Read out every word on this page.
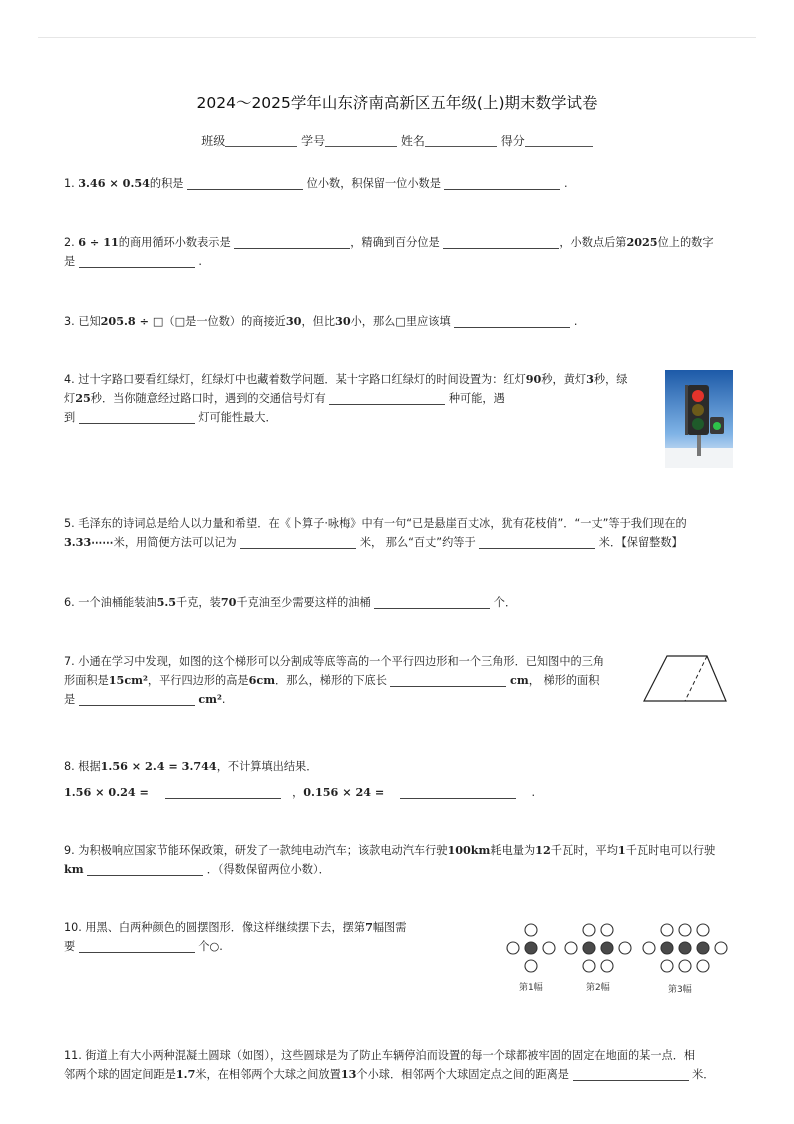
2024～2025学年山东济南高新区五年级(上)期末数学试卷
班级	学号	姓名	得分
1. 3.46 × 0.54的积是	位小数，积保留一位小数是	.
2. 6 ÷ 11的商用循环小数表示是	，精确到百分位是	，小数点后第2025位上的数字
是	.
3. 已知205.8 ÷ □（□是一位数）的商接近30，但比30小，那么□里应该填	.
4. 过十字路口要看红绿灯，红绿灯中也藏着数学问题．某十字路口红绿灯的时间设置为：红灯90秒，黄灯3秒，绿
灯25秒．当你随意经过路口时，遇到的交通信号灯有	种可能，遇
到	灯可能性最大．
5. 毛泽东的诗词总是给人以力量和希望．在《卜算子·咏梅》中有一句“已是悬崖百丈冰，犹有花枝俏”．“一丈”等于我们现在的
3.33⋯⋯米，用简便方法可以记为	米， 那么“百丈”约等于	米．【保留整数】
6. 一个油桶能装油5.5千克，装70千克油至少需要这样的油桶	个．
7. 小通在学习中发现，如图的这个梯形可以分割成等底等高的一个平行四边形和一个三角形．已知图中的三角
形面积是15cm²，平行四边形的高是6cm．那么，梯形的下底长	cm， 梯形的面积
是	cm².
8. 根据1.56 × 2.4 = 3.744，不计算填出结果．
1.56 × 0.24 =	，0.156 × 24 =	.
9. 为积极响应国家节能环保政策，研发了一款纯电动汽车；该款电动汽车行驶100km耗电量为12千瓦时，平均1千瓦时电可以行驶
km	．（得数保留两位小数）．
10. 用黑、白两种颜色的圆摆图形．像这样继续摆下去，摆第7幅图需
要	个○.
第1幅	第2幅	第3幅
11. 街道上有大小两种混凝土圆球（如图），这些圆球是为了防止车辆停泊而设置的每一个球都被牢固的固定在地面的某一点．相
邻两个球的固定间距是1.7米，在相邻两个大球之间放置13个小球．相邻两个大球固定点之间的距离是	米．
